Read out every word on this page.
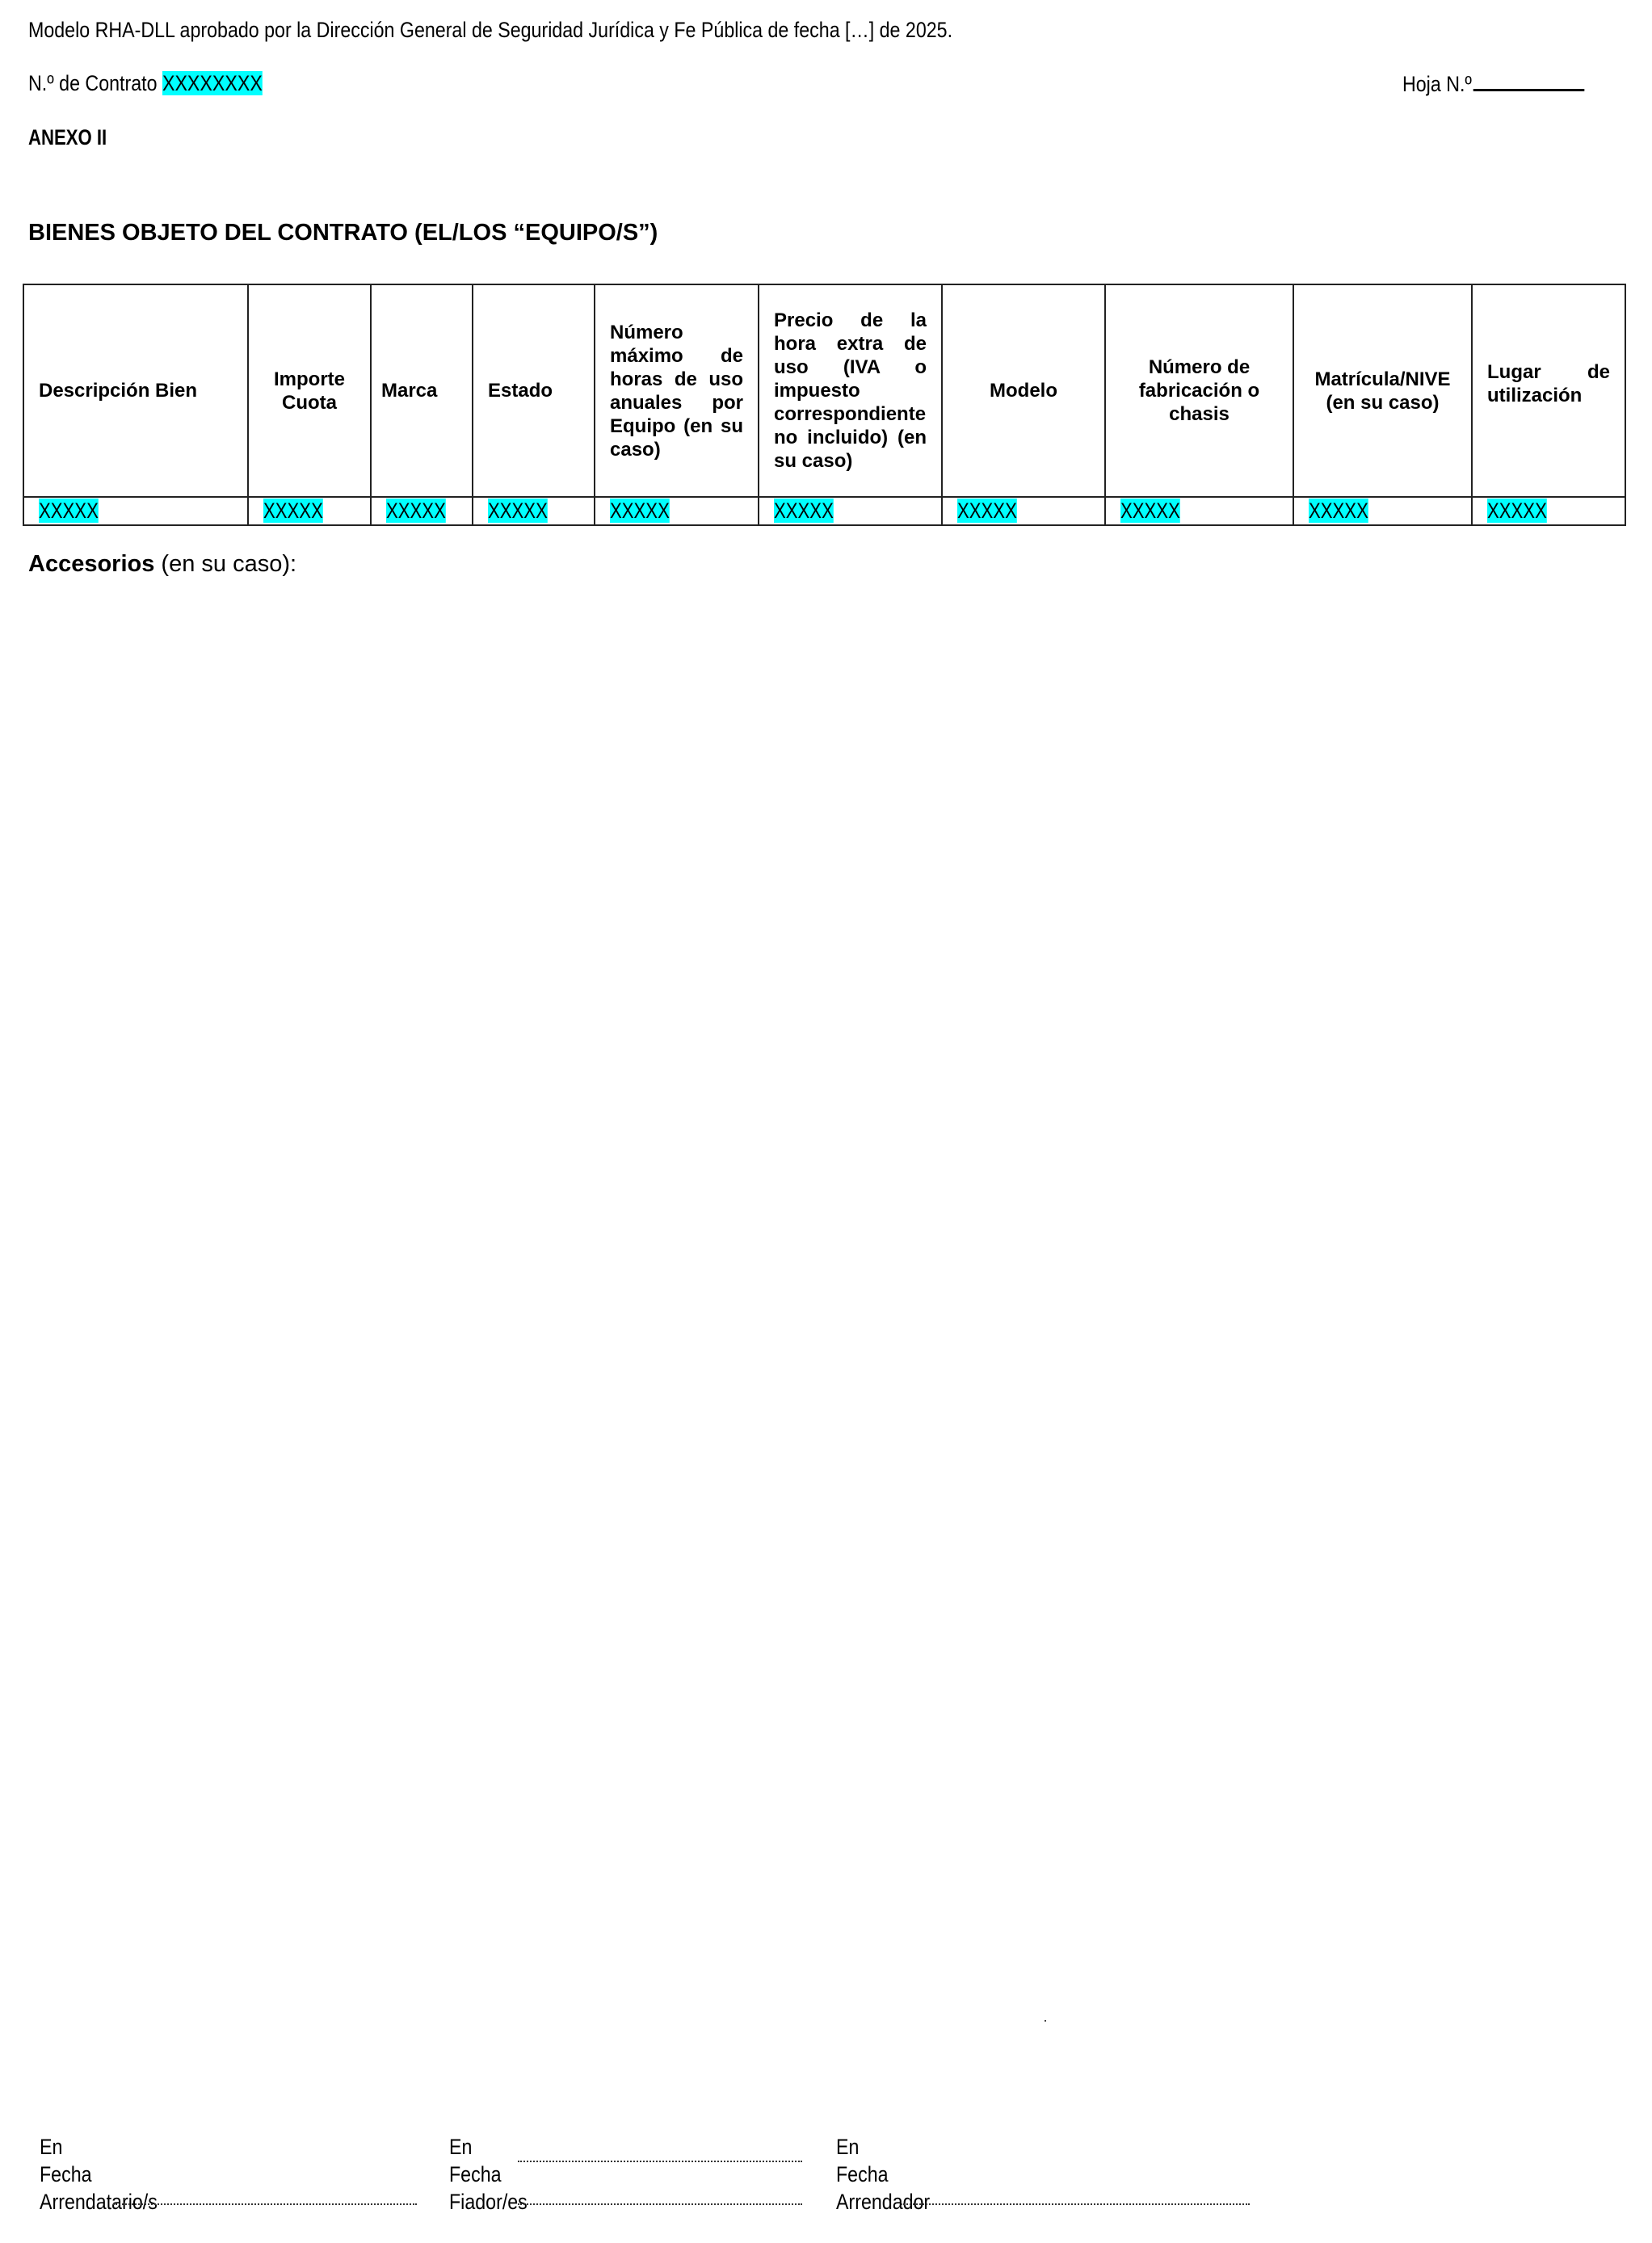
Modelo RHA-DLL aprobado por la Dirección General de Seguridad Jurídica y Fe Pública de fecha […] de 2025.
N.º de Contrato XXXXXXXX	Hoja N.º
ANEXO II
BIENES OBJETO DEL CONTRATO (EL/LOS “EQUIPO/S”)
Descripción Bien	Importe Cuota	Marca	Estado	Número máximo de horas de uso anuales por Equipo (en su caso)	Precio de la hora extra de uso (IVA o impuesto correspondiente no incluido) (en su caso)	Modelo	Número de fabricación o chasis	Matrícula/NIVE (en su caso)	Lugar de utilización

XXXXX	XXXXX	XXXXX	XXXXX	XXXXX	XXXXX	XXXXX	XXXXX	XXXXX	XXXXX
Accesorios (en su caso):
En
Fecha
Arrendatario/s
En
Fecha
Fiador/es
En
Fecha
Arrendador
